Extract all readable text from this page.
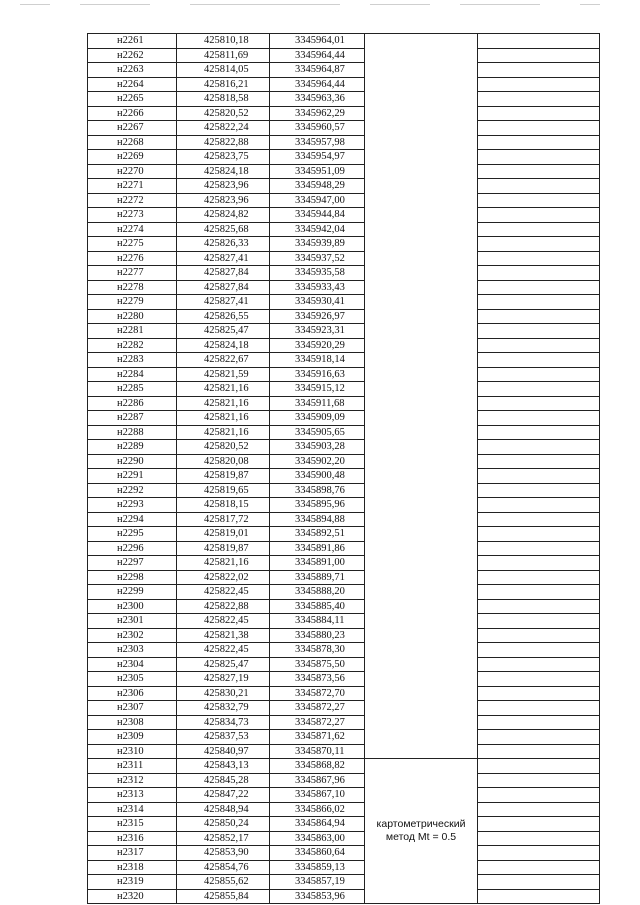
н2261	425810,18	3345964,01		
н2262	425811,69	3345964,44		
н2263	425814,05	3345964,87		
н2264	425816,21	3345964,44		
н2265	425818,58	3345963,36		
н2266	425820,52	3345962,29		
н2267	425822,24	3345960,57		
н2268	425822,88	3345957,98		
н2269	425823,75	3345954,97		
н2270	425824,18	3345951,09		
н2271	425823,96	3345948,29		
н2272	425823,96	3345947,00		
н2273	425824,82	3345944,84		
н2274	425825,68	3345942,04		
н2275	425826,33	3345939,89		
н2276	425827,41	3345937,52		
н2277	425827,84	3345935,58		
н2278	425827,84	3345933,43		
н2279	425827,41	3345930,41		
н2280	425826,55	3345926,97		
н2281	425825,47	3345923,31		
н2282	425824,18	3345920,29		
н2283	425822,67	3345918,14		
н2284	425821,59	3345916,63		
н2285	425821,16	3345915,12		
н2286	425821,16	3345911,68		
н2287	425821,16	3345909,09		
н2288	425821,16	3345905,65		
н2289	425820,52	3345903,28		
н2290	425820,08	3345902,20		
н2291	425819,87	3345900,48		
н2292	425819,65	3345898,76		
н2293	425818,15	3345895,96		
н2294	425817,72	3345894,88		
н2295	425819,01	3345892,51		
н2296	425819,87	3345891,86		
н2297	425821,16	3345891,00		
н2298	425822,02	3345889,71		
н2299	425822,45	3345888,20		
н2300	425822,88	3345885,40		
н2301	425822,45	3345884,11		
н2302	425821,38	3345880,23		
н2303	425822,45	3345878,30		
н2304	425825,47	3345875,50		
н2305	425827,19	3345873,56		
н2306	425830,21	3345872,70		
н2307	425832,79	3345872,27		
н2308	425834,73	3345872,27		
н2309	425837,53	3345871,62		
н2310	425840,97	3345870,11		
н2311	425843,13	3345868,82	картометрический
метод Mt = 0.5	

н2312	425845,28	3345867,96		
н2313	425847,22	3345867,10		
н2314	425848,94	3345866,02		
н2315	425850,24	3345864,94		
н2316	425852,17	3345863,00		
н2317	425853,90	3345860,64		
н2318	425854,76	3345859,13		
н2319	425855,62	3345857,19		
н2320	425855,84	3345853,96		
